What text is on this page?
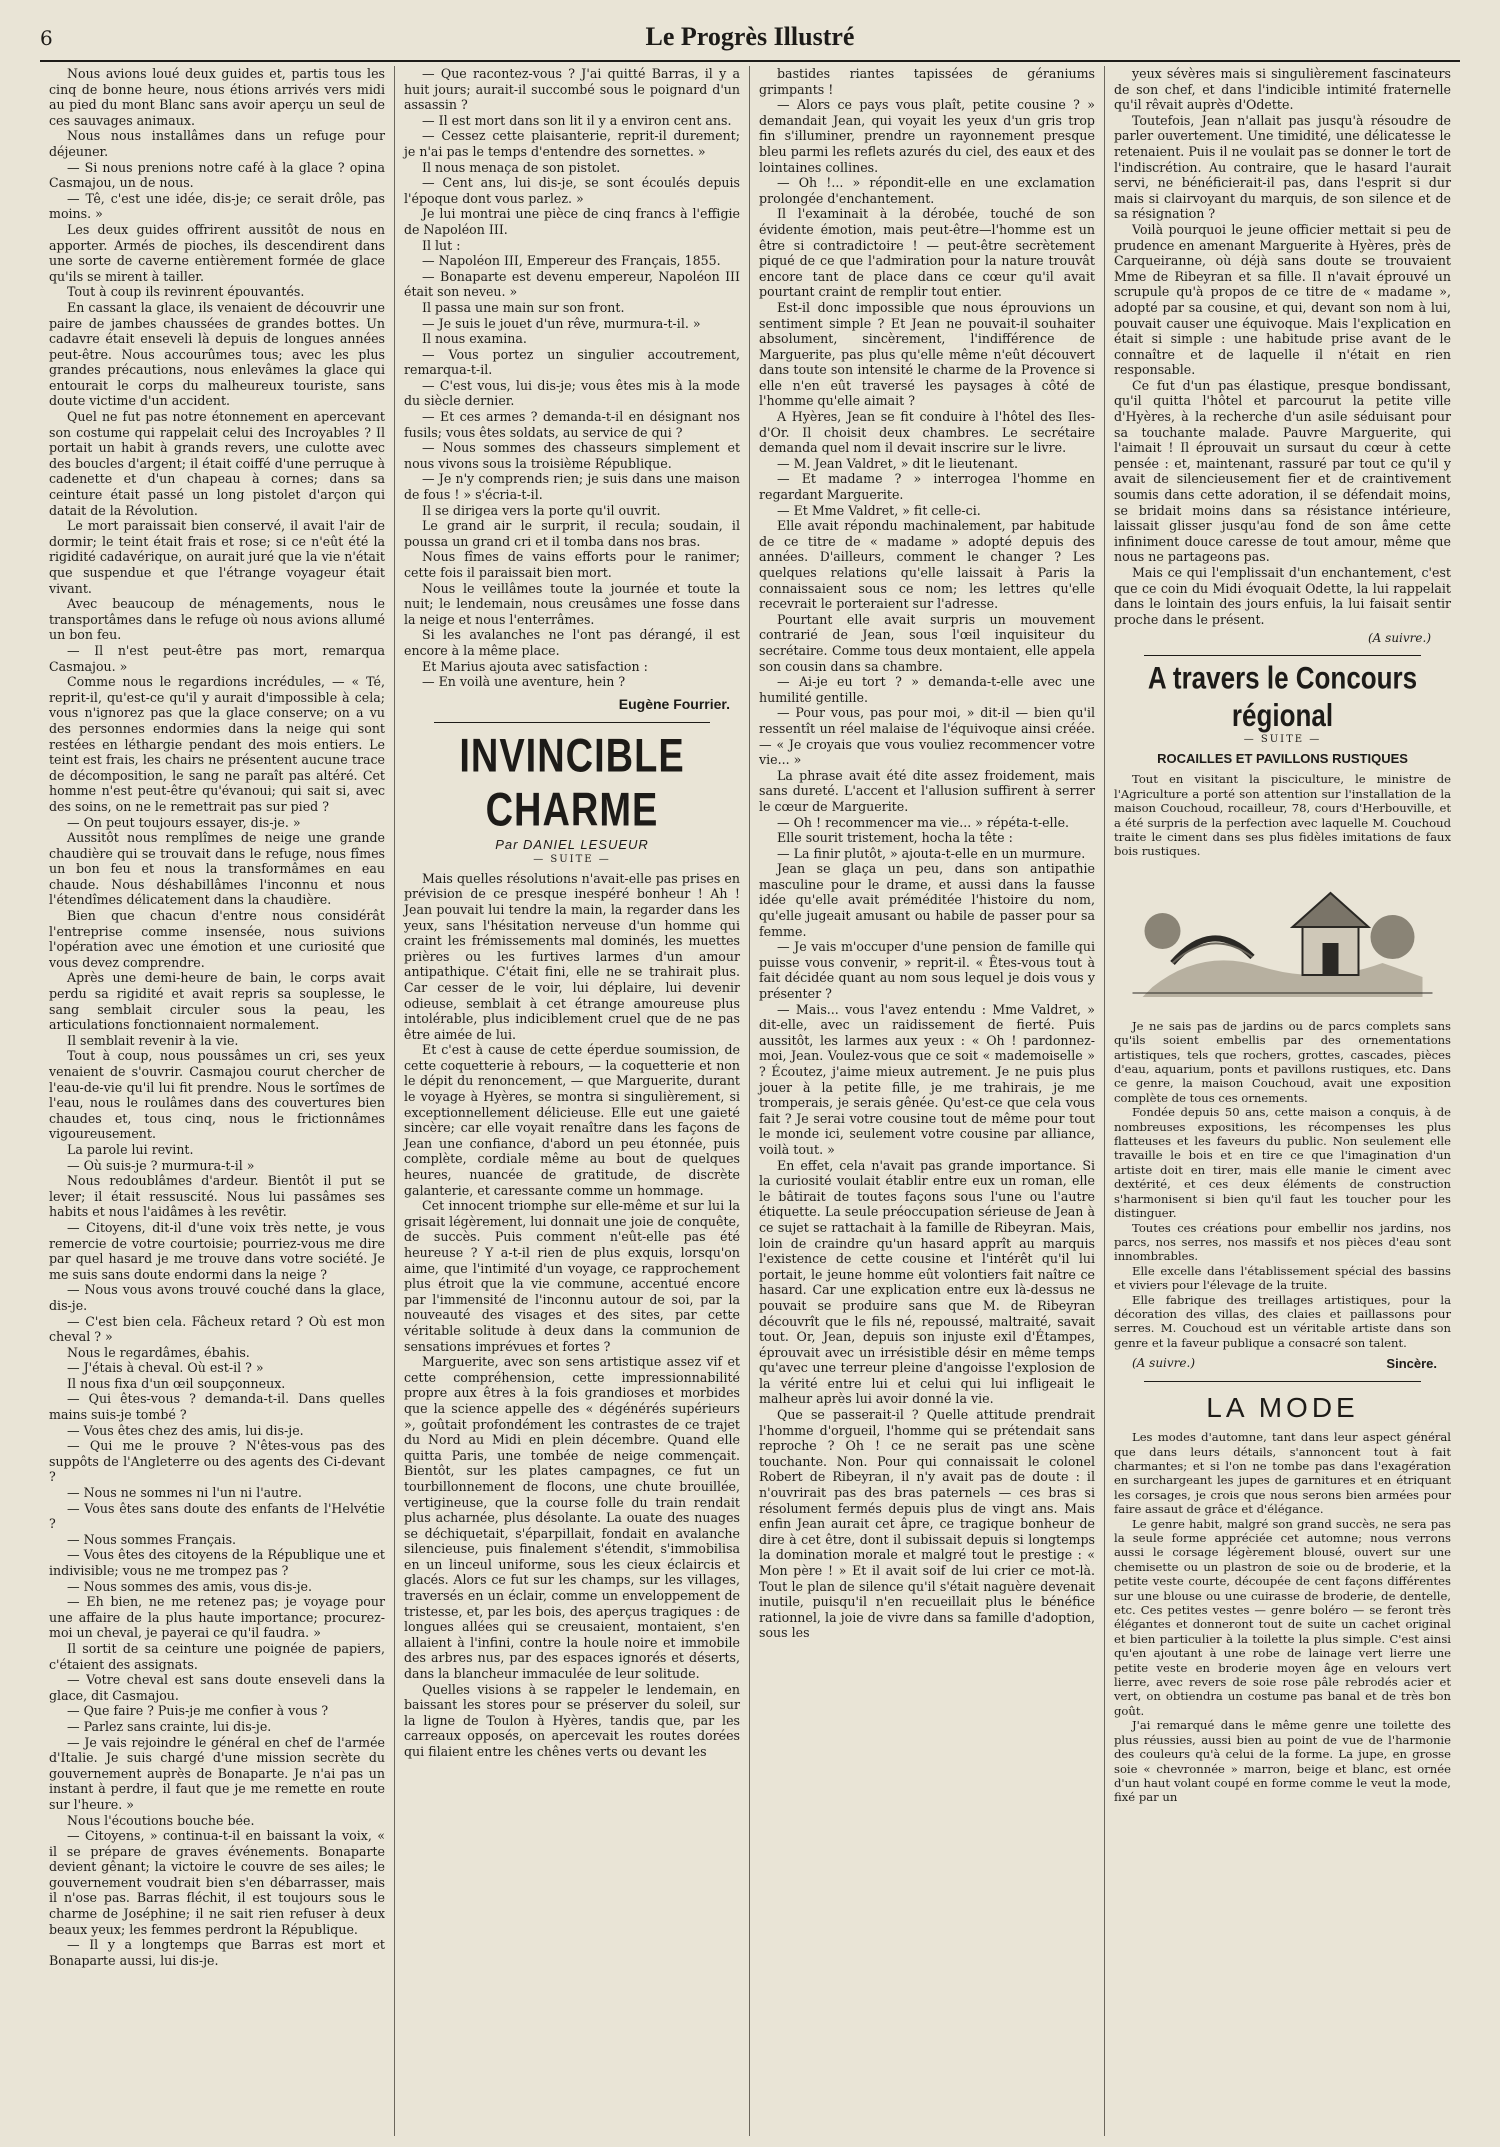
6	Le Progrès Illustré

Nous avions loué deux guides et, partis tous les cinq de bonne heure, nous étions arrivés vers midi au pied du mont Blanc sans avoir aperçu un seul de ces sauvages animaux.

Nous nous installâmes dans un refuge pour déjeuner.

— Si nous prenions notre café à la glace ? opina Casmajou, un de nous.

— Tê, c'est une idée, dis-je; ce serait drôle, pas moins. »

Les deux guides offrirent aussitôt de nous en apporter. Armés de pioches, ils descendirent dans une sorte de caverne entièrement formée de glace qu'ils se mirent à tailler.

Tout à coup ils revinrent épouvantés.

En cassant la glace, ils venaient de découvrir une paire de jambes chaussées de grandes bottes. Un cadavre était enseveli là depuis de longues années peut-être. Nous accourûmes tous; avec les plus grandes précautions, nous enlevâmes la glace qui entourait le corps du malheureux touriste, sans doute victime d'un accident.

Quel ne fut pas notre étonnement en apercevant son costume qui rappelait celui des Incroyables ? Il portait un habit à grands revers, une culotte avec des boucles d'argent; il était coiffé d'une perruque à cadenette et d'un chapeau à cornes; dans sa ceinture était passé un long pistolet d'arçon qui datait de la Révolution.

Le mort paraissait bien conservé, il avait l'air de dormir; le teint était frais et rose; si ce n'eût été la rigidité cadavérique, on aurait juré que la vie n'était que suspendue et que l'étrange voyageur était vivant.

Avec beaucoup de ménagements, nous le transportâmes dans le refuge où nous avions allumé un bon feu.

— Il n'est peut-être pas mort, remarqua Casmajou. »

Comme nous le regardions incrédules, — « Té, reprit-il, qu'est-ce qu'il y aurait d'impossible à cela; vous n'ignorez pas que la glace conserve; on a vu des personnes endormies dans la neige qui sont restées en léthargie pendant des mois entiers. Le teint est frais, les chairs ne présentent aucune trace de décomposition, le sang ne paraît pas altéré. Cet homme n'est peut-être qu'évanoui; qui sait si, avec des soins, on ne le remettrait pas sur pied ?

— On peut toujours essayer, dis-je. »

Aussitôt nous remplîmes de neige une grande chaudière qui se trouvait dans le refuge, nous fîmes un bon feu et nous la transformâmes en eau chaude. Nous déshabillâmes l'inconnu et nous l'étendîmes délicatement dans la chaudière.

Bien que chacun d'entre nous considérât l'entreprise comme insensée, nous suivions l'opération avec une émotion et une curiosité que vous devez comprendre.

Après une demi-heure de bain, le corps avait perdu sa rigidité et avait repris sa souplesse, le sang semblait circuler sous la peau, les articulations fonctionnaient normalement.

Il semblait revenir à la vie.

Tout à coup, nous poussâmes un cri, ses yeux venaient de s'ouvrir. Casmajou courut chercher de l'eau-de-vie qu'il lui fit prendre. Nous le sortîmes de l'eau, nous le roulâmes dans des couvertures bien chaudes et, tous cinq, nous le frictionnâmes vigoureusement.

La parole lui revint.

— Où suis-je ? murmura-t-il »

Nous redoublâmes d'ardeur. Bientôt il put se lever; il était ressuscité. Nous lui passâmes ses habits et nous l'aidâmes à les revêtir.

— Citoyens, dit-il d'une voix très nette, je vous remercie de votre courtoisie; pourriez-vous me dire par quel hasard je me trouve dans votre société. Je me suis sans doute endormi dans la neige ?

— Nous vous avons trouvé couché dans la glace, dis-je.

— C'est bien cela. Fâcheux retard ? Où est mon cheval ? »

Nous le regardâmes, ébahis.

— J'étais à cheval. Où est-il ? »

Il nous fixa d'un œil soupçonneux.

— Qui êtes-vous ? demanda-t-il. Dans quelles mains suis-je tombé ?

— Vous êtes chez des amis, lui dis-je.

— Qui me le prouve ? N'êtes-vous pas des suppôts de l'Angleterre ou des agents des Ci-devant ?

— Nous ne sommes ni l'un ni l'autre.

— Vous êtes sans doute des enfants de l'Helvétie ?

— Nous sommes Français.

— Vous êtes des citoyens de la République une et indivisible; vous ne me trompez pas ?

— Nous sommes des amis, vous dis-je.

— Eh bien, ne me retenez pas; je voyage pour une affaire de la plus haute importance; procurez-moi un cheval, je payerai ce qu'il faudra. »

Il sortit de sa ceinture une poignée de papiers, c'étaient des assignats.

— Votre cheval est sans doute enseveli dans la glace, dit Casmajou.

— Que faire ? Puis-je me confier à vous ?

— Parlez sans crainte, lui dis-je.

— Je vais rejoindre le général en chef de l'armée d'Italie. Je suis chargé d'une mission secrète du gouvernement auprès de Bonaparte. Je n'ai pas un instant à perdre, il faut que je me remette en route sur l'heure. »

Nous l'écoutions bouche bée.

— Citoyens, » continua-t-il en baissant la voix, « il se prépare de graves événements. Bonaparte devient gênant; la victoire le couvre de ses ailes; le gouvernement voudrait bien s'en débarrasser, mais il n'ose pas. Barras fléchit, il est toujours sous le charme de Joséphine; il ne sait rien refuser à deux beaux yeux; les femmes perdront la République.

— Il y a longtemps que Barras est mort et Bonaparte aussi, lui dis-je.

— Que racontez-vous ? J'ai quitté Barras, il y a huit jours; aurait-il succombé sous le poignard d'un assassin ?

— Il est mort dans son lit il y a environ cent ans.

— Cessez cette plaisanterie, reprit-il durement; je n'ai pas le temps d'entendre des sornettes. »

Il nous menaça de son pistolet.

— Cent ans, lui dis-je, se sont écoulés depuis l'époque dont vous parlez. »

Je lui montrai une pièce de cinq francs à l'effigie de Napoléon III.

Il lut :

— Napoléon III, Empereur des Français, 1855.

— Bonaparte est devenu empereur, Napoléon III était son neveu. »

Il passa une main sur son front.

— Je suis le jouet d'un rêve, murmura-t-il. »

Il nous examina.

— Vous portez un singulier accoutrement, remarqua-t-il.

— C'est vous, lui dis-je; vous êtes mis à la mode du siècle dernier.

— Et ces armes ? demanda-t-il en désignant nos fusils; vous êtes soldats, au service de qui ?

— Nous sommes des chasseurs simplement et nous vivons sous la troisième République.

— Je n'y comprends rien; je suis dans une maison de fous ! » s'écria-t-il.

Il se dirigea vers la porte qu'il ouvrit.

Le grand air le surprit, il recula; soudain, il poussa un grand cri et il tomba dans nos bras.

Nous fîmes de vains efforts pour le ranimer; cette fois il paraissait bien mort.

Nous le veillâmes toute la journée et toute la nuit; le lendemain, nous creusâmes une fosse dans la neige et nous l'enterrâmes.

Si les avalanches ne l'ont pas dérangé, il est encore à la même place.

Et Marius ajouta avec satisfaction :

— En voilà une aventure, hein ?

Eugène Fourrier.
INVINCIBLE CHARME
Par DANIEL LESUEUR
— SUITE —

Mais quelles résolutions n'avait-elle pas prises en prévision de ce presque inespéré bonheur ! Ah ! Jean pouvait lui tendre la main, la regarder dans les yeux, sans l'hésitation nerveuse d'un homme qui craint les frémissements mal dominés, les muettes prières ou les furtives larmes d'un amour antipathique. C'était fini, elle ne se trahirait plus. Car cesser de le voir, lui déplaire, lui devenir odieuse, semblait à cet étrange amoureuse plus intolérable, plus indiciblement cruel que de ne pas être aimée de lui.

Et c'est à cause de cette éperdue soumission, de cette coquetterie à rebours, — la coquetterie et non le dépit du renoncement, — que Marguerite, durant le voyage à Hyères, se montra si singulièrement, si exceptionnellement délicieuse. Elle eut une gaieté sincère; car elle voyait renaître dans les façons de Jean une confiance, d'abord un peu étonnée, puis complète, cordiale même au bout de quelques heures, nuancée de gratitude, de discrète galanterie, et caressante comme un hommage.

Cet innocent triomphe sur elle-même et sur lui la grisait légèrement, lui donnait une joie de conquête, de succès. Puis comment n'eût-elle pas été heureuse ? Y a-t-il rien de plus exquis, lorsqu'on aime, que l'intimité d'un voyage, ce rapprochement plus étroit que la vie commune, accentué encore par l'immensité de l'inconnu autour de soi, par la nouveauté des visages et des sites, par cette véritable solitude à deux dans la communion de sensations imprévues et fortes ?

Marguerite, avec son sens artistique assez vif et cette compréhension, cette impressionnabilité propre aux êtres à la fois grandioses et morbides que la science appelle des « dégénérés supérieurs », goûtait profondément les contrastes de ce trajet du Nord au Midi en plein décembre. Quand elle quitta Paris, une tombée de neige commençait. Bientôt, sur les plates campagnes, ce fut un tourbillonnement de flocons, une chute brouillée, vertigineuse, que la course folle du train rendait plus acharnée, plus désolante. La ouate des nuages se déchiquetait, s'éparpillait, fondait en avalanche silencieuse, puis finalement s'étendit, s'immobilisa en un linceul uniforme, sous les cieux éclaircis et glacés. Alors ce fut sur les champs, sur les villages, traversés en un éclair, comme un enveloppement de tristesse, et, par les bois, des aperçus tragiques : de longues allées qui se creusaient, montaient, s'en allaient à l'infini, contre la houle noire et immobile des arbres nus, par des espaces ignorés et déserts, dans la blancheur immaculée de leur solitude.

Quelles visions à se rappeler le lendemain, en baissant les stores pour se préserver du soleil, sur la ligne de Toulon à Hyères, tandis que, par les carreaux opposés, on apercevait les routes dorées qui filaient entre les chênes verts ou devant les

bastides riantes tapissées de géraniums grimpants !

— Alors ce pays vous plaît, petite cousine ? » demandait Jean, qui voyait les yeux d'un gris trop fin s'illuminer, prendre un rayonnement presque bleu parmi les reflets azurés du ciel, des eaux et des lointaines collines.

— Oh !... » répondit-elle en une exclamation prolongée d'enchantement.

Il l'examinait à la dérobée, touché de son évidente émotion, mais peut-être—l'homme est un être si contradictoire ! — peut-être secrètement piqué de ce que l'admiration pour la nature trouvât encore tant de place dans ce cœur qu'il avait pourtant craint de remplir tout entier.

Est-il donc impossible que nous éprouvions un sentiment simple ? Et Jean ne pouvait-il souhaiter absolument, sincèrement, l'indifférence de Marguerite, pas plus qu'elle même n'eût découvert dans toute son intensité le charme de la Provence si elle n'en eût traversé les paysages à côté de l'homme qu'elle aimait ?

A Hyères, Jean se fit conduire à l'hôtel des Iles-d'Or. Il choisit deux chambres. Le secrétaire demanda quel nom il devait inscrire sur le livre.

— M. Jean Valdret, » dit le lieutenant.

— Et madame ? » interrogea l'homme en regardant Marguerite.

— Et Mme Valdret, » fit celle-ci.

Elle avait répondu machinalement, par habitude de ce titre de « madame » adopté depuis des années. D'ailleurs, comment le changer ? Les quelques relations qu'elle laissait à Paris la connaissaient sous ce nom; les lettres qu'elle recevrait le porteraient sur l'adresse.

Pourtant elle avait surpris un mouvement contrarié de Jean, sous l'œil inquisiteur du secrétaire. Comme tous deux montaient, elle appela son cousin dans sa chambre.

— Ai-je eu tort ? » demanda-t-elle avec une humilité gentille.

— Pour vous, pas pour moi, » dit-il — bien qu'il ressentît un réel malaise de l'équivoque ainsi créée. — « Je croyais que vous vouliez recommencer votre vie... »

La phrase avait été dite assez froidement, mais sans dureté. L'accent et l'allusion suffirent à serrer le cœur de Marguerite.

— Oh ! recommencer ma vie... » répéta-t-elle.

Elle sourit tristement, hocha la tête :

— La finir plutôt, » ajouta-t-elle en un murmure.

Jean se glaça un peu, dans son antipathie masculine pour le drame, et aussi dans la fausse idée qu'elle avait préméditée l'histoire du nom, qu'elle jugeait amusant ou habile de passer pour sa femme.

— Je vais m'occuper d'une pension de famille qui puisse vous convenir, » reprit-il. « Êtes-vous tout à fait décidée quant au nom sous lequel je dois vous y présenter ?

— Mais... vous l'avez entendu : Mme Valdret, » dit-elle, avec un raidissement de fierté. Puis aussitôt, les larmes aux yeux : « Oh ! pardonnez-moi, Jean. Voulez-vous que ce soit « mademoiselle » ? Écoutez, j'aime mieux autrement. Je ne puis plus jouer à la petite fille, je me trahirais, je me tromperais, je serais gênée. Qu'est-ce que cela vous fait ? Je serai votre cousine tout de même pour tout le monde ici, seulement votre cousine par alliance, voilà tout. »

En effet, cela n'avait pas grande importance. Si la curiosité voulait établir entre eux un roman, elle le bâtirait de toutes façons sous l'une ou l'autre étiquette. La seule préoccupation sérieuse de Jean à ce sujet se rattachait à la famille de Ribeyran. Mais, loin de craindre qu'un hasard apprît au marquis l'existence de cette cousine et l'intérêt qu'il lui portait, le jeune homme eût volontiers fait naître ce hasard. Car une explication entre eux là-dessus ne pouvait se produire sans que M. de Ribeyran découvrît que le fils né, repoussé, maltraité, savait tout. Or, Jean, depuis son injuste exil d'Étampes, éprouvait avec un irrésistible désir en même temps qu'avec une terreur pleine d'angoisse l'explosion de la vérité entre lui et celui qui lui infligeait le malheur après lui avoir donné la vie.

Que se passerait-il ? Quelle attitude prendrait l'homme d'orgueil, l'homme qui se prétendait sans reproche ? Oh ! ce ne serait pas une scène touchante. Non. Pour qui connaissait le colonel Robert de Ribeyran, il n'y avait pas de doute : il n'ouvrirait pas des bras paternels — ces bras si résolument fermés depuis plus de vingt ans. Mais enfin Jean aurait cet âpre, ce tragique bonheur de dire à cet être, dont il subissait depuis si longtemps la domination morale et malgré tout le prestige : « Mon père ! » Et il avait soif de lui crier ce mot-là. Tout le plan de silence qu'il s'était naguère devenait inutile, puisqu'il n'en recueillait plus le bénéfice rationnel, la joie de vivre dans sa famille d'adoption, sous les

yeux sévères mais si singulièrement fascinateurs de son chef, et dans l'indicible intimité fraternelle qu'il rêvait auprès d'Odette.

Toutefois, Jean n'allait pas jusqu'à résoudre de parler ouvertement. Une timidité, une délicatesse le retenaient. Puis il ne voulait pas se donner le tort de l'indiscrétion. Au contraire, que le hasard l'aurait servi, ne bénéficierait-il pas, dans l'esprit si dur mais si clairvoyant du marquis, de son silence et de sa résignation ?

Voilà pourquoi le jeune officier mettait si peu de prudence en amenant Marguerite à Hyères, près de Carqueiranne, où déjà sans doute se trouvaient Mme de Ribeyran et sa fille. Il n'avait éprouvé un scrupule qu'à propos de ce titre de « madame », adopté par sa cousine, et qui, devant son nom à lui, pouvait causer une équivoque. Mais l'explication en était si simple : une habitude prise avant de le connaître et de laquelle il n'était en rien responsable.

Ce fut d'un pas élastique, presque bondissant, qu'il quitta l'hôtel et parcourut la petite ville d'Hyères, à la recherche d'un asile séduisant pour sa touchante malade. Pauvre Marguerite, qui l'aimait ! Il éprouvait un sursaut du cœur à cette pensée : et, maintenant, rassuré par tout ce qu'il y avait de silencieusement fier et de craintivement soumis dans cette adoration, il se défendait moins, se bridait moins dans sa résistance intérieure, laissait glisser jusqu'au fond de son âme cette infiniment douce caresse de tout amour, même que nous ne partageons pas.

Mais ce qui l'emplissait d'un enchantement, c'est que ce coin du Midi évoquait Odette, la lui rappelait dans le lointain des jours enfuis, la lui faisait sentir proche dans le présent.

(A suivre.)
A travers le Concours régional
— SUITE —
ROCAILLES ET PAVILLONS RUSTIQUES

Tout en visitant la pisciculture, le ministre de l'Agriculture a porté son attention sur l'installation de la maison Couchoud, rocailleur, 78, cours d'Herbouville, et a été surpris de la perfection avec laquelle M. Couchoud traite le ciment dans ses plus fidèles imitations de faux bois rustiques.

Je ne sais pas de jardins ou de parcs complets sans qu'ils soient embellis par des ornementations artistiques, tels que rochers, grottes, cascades, pièces d'eau, aquarium, ponts et pavillons rustiques, etc. Dans ce genre, la maison Couchoud, avait une exposition complète de tous ces ornements.

Fondée depuis 50 ans, cette maison a conquis, à de nombreuses expositions, les récompenses les plus flatteuses et les faveurs du public. Non seulement elle travaille le bois et en tire ce que l'imagination d'un artiste doit en tirer, mais elle manie le ciment avec dextérité, et ces deux éléments de construction s'harmonisent si bien qu'il faut les toucher pour les distinguer.

Toutes ces créations pour embellir nos jardins, nos parcs, nos serres, nos massifs et nos pièces d'eau sont innombrables.

Elle excelle dans l'établissement spécial des bassins et viviers pour l'élevage de la truite.

Elle fabrique des treillages artistiques, pour la décoration des villas, des claies et paillassons pour serres. M. Couchoud est un véritable artiste dans son genre et la faveur publique a consacré son talent.

(A suivre.)	Sincère.
LA MODE

Les modes d'automne, tant dans leur aspect général que dans leurs détails, s'annoncent tout à fait charmantes; et si l'on ne tombe pas dans l'exagération en surchargeant les jupes de garnitures et en étriquant les corsages, je crois que nous serons bien armées pour faire assaut de grâce et d'élégance.

Le genre habit, malgré son grand succès, ne sera pas la seule forme appréciée cet automne; nous verrons aussi le corsage légèrement blousé, ouvert sur une chemisette ou un plastron de soie ou de broderie, et la petite veste courte, découpée de cent façons différentes sur une blouse ou une cuirasse de broderie, de dentelle, etc. Ces petites vestes — genre boléro — se feront très élégantes et donneront tout de suite un cachet original et bien particulier à la toilette la plus simple. C'est ainsi qu'en ajoutant à une robe de lainage vert lierre une petite veste en broderie moyen âge en velours vert lierre, avec revers de soie rose pâle rebrodés acier et vert, on obtiendra un costume pas banal et de très bon goût.

J'ai remarqué dans le même genre une toilette des plus réussies, aussi bien au point de vue de l'harmonie des couleurs qu'à celui de la forme. La jupe, en grosse soie « chevronnée » marron, beige et blanc, est ornée d'un haut volant coupé en forme comme le veut la mode, fixé par un
